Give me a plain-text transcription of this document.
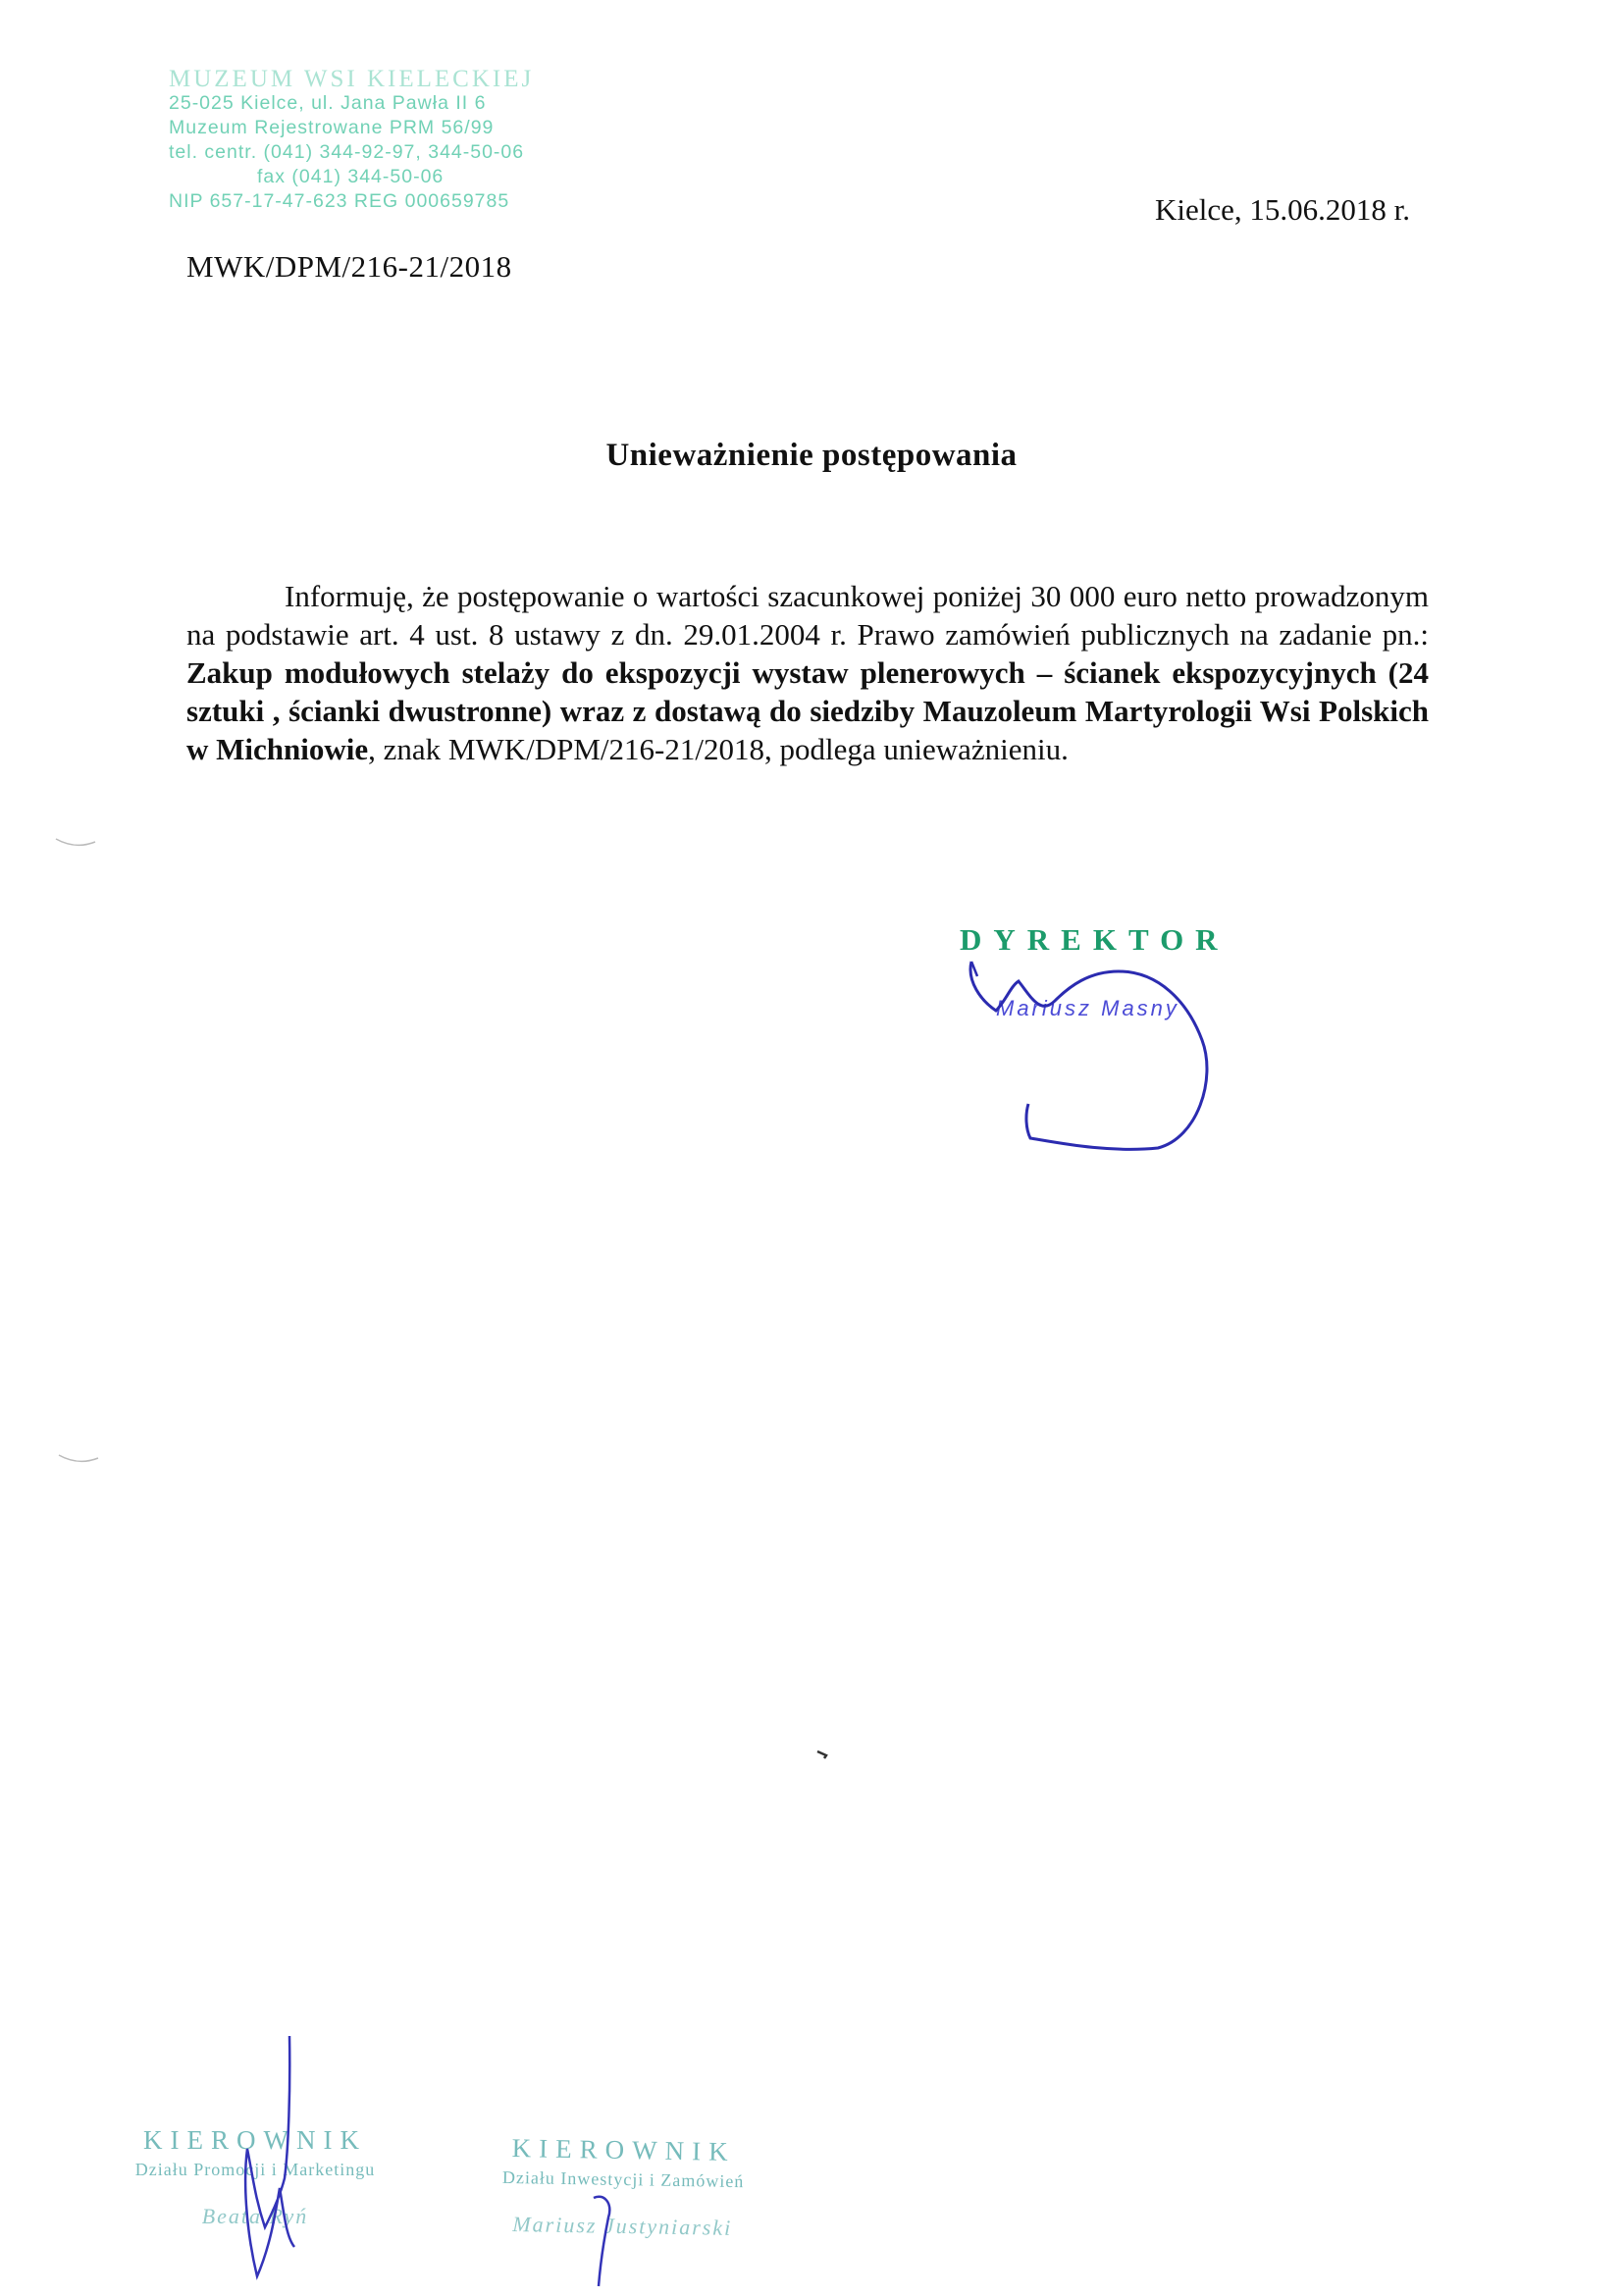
MUZEUM WSI KIELECKIEJ
25-025 Kielce, ul. Jana Pawła II 6
Muzeum Rejestrowane PRM 56/99
tel. centr. (041) 344-92-97, 344-50-06
fax (041) 344-50-06
NIP 657-17-47-623 REG 000659785
MWK/DPM/216-21/2018
Kielce, 15.06.2018 r.
Unieważnienie postępowania
Informuję, że postępowanie o wartości szacunkowej poniżej 30 000 euro netto prowadzonym na podstawie art. 4 ust. 8 ustawy z dn. 29.01.2004 r. Prawo zamówień publicznych na zadanie pn.: Zakup modułowych stelaży do ekspozycji wystaw plenerowych – ścianek ekspozycyjnych (24 sztuki , ścianki dwustronne) wraz z dostawą do siedziby Mauzoleum Martyrologii Wsi Polskich w Michniowie, znak MWK/DPM/216-21/2018, podlega unieważnieniu.
DYREKTOR
Mariusz Masny
KIEROWNIK
Działu Promocji i Marketingu
Beata Ryń
KIEROWNIK
Działu Inwestycji i Zamówień
Mariusz Justyniarski
